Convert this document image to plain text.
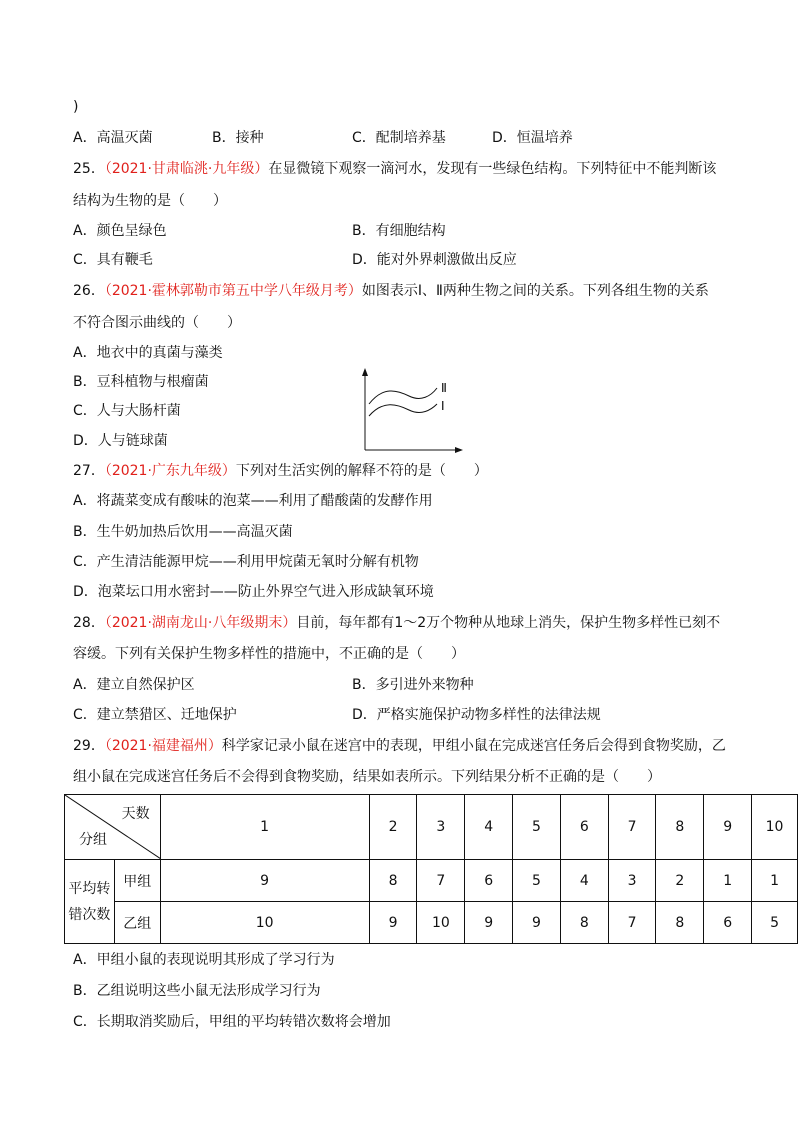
)
A．高温灭菌	B．接种	C．配制培养基	D．恒温培养
25．（2021·甘肃临洮·九年级）在显微镜下观察一滴河水，发现有一些绿色结构。下列特征中不能判断该
结构为生物的是（　　）
A．颜色呈绿色	B．有细胞结构
C．具有鞭毛	D．能对外界刺激做出反应
26．（2021·霍林郭勒市第五中学八年级月考）如图表示Ⅰ、Ⅱ两种生物之间的关系。下列各组生物的关系
不符合图示曲线的（　　）
A．地衣中的真菌与藻类
B．豆科植物与根瘤菌
C．人与大肠杆菌
D．人与链球菌
Ⅱ
Ⅰ
27．（2021·广东九年级）下列对生活实例的解释不符的是（　　）
A．将蔬菜变成有酸味的泡菜——利用了醋酸菌的发酵作用
B．生牛奶加热后饮用——高温灭菌
C．产生清洁能源甲烷——利用甲烷菌无氧时分解有机物
D．泡菜坛口用水密封——防止外界空气进入形成缺氧环境
28．（2021·湖南龙山·八年级期末）目前，每年都有1～2万个物种从地球上消失，保护生物多样性已刻不
容缓。下列有关保护生物多样性的措施中，不正确的是（　　）
A．建立自然保护区	B．多引进外来物种
C．建立禁猎区、迁地保护	D．严格实施保护动物多样性的法律法规
29．（2021·福建福州）科学家记录小鼠在迷宫中的表现，甲组小鼠在完成迷宫任务后会得到食物奖励，乙
组小鼠在完成迷宫任务后不会得到食物奖励，结果如表所示。下列结果分析不正确的是（　　）
天数
分组		1	2	3	4	5	6	7	8	9	10
平均转错次数	甲组	9	8	7	6	5	4	3	2	1	1
	乙组	10	9	10	9	9	8	7	8	6	5
A．甲组小鼠的表现说明其形成了学习行为
B．乙组说明这些小鼠无法形成学习行为
C．长期取消奖励后，甲组的平均转错次数将会增加
